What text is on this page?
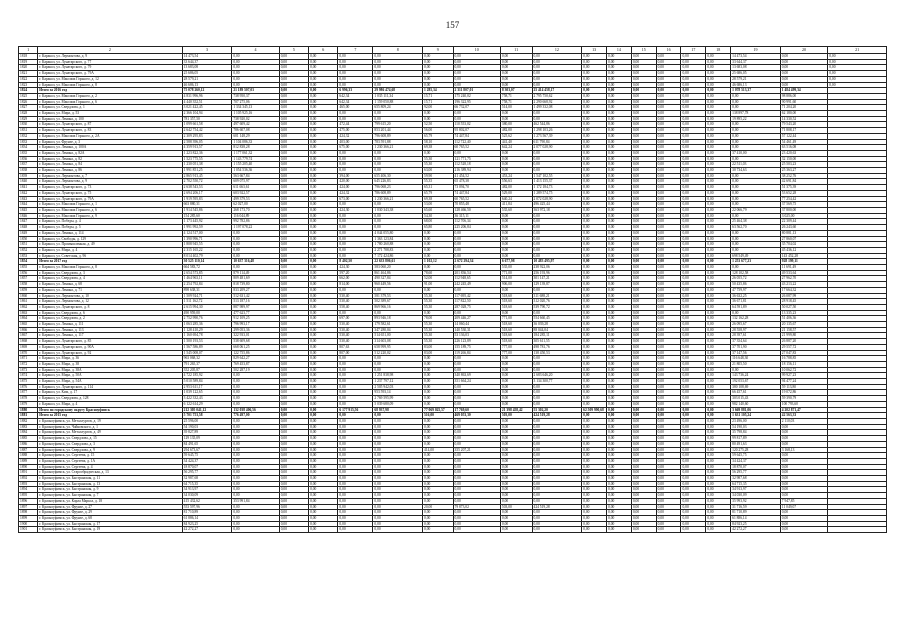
157
1	2	3	4	5	6	7	8	9	10	11	12	13	14	15	16	17	18	19	20	21
1818	г. Каракол, ул. Лермонтова, д. 9	14 473,54	0,00	0,00	0,00	0,00	0,00	0,00	0,00	0,00	0,00	0,00	0,00	0,00	0,00	0,00	0,00	14 473,54	0,00	0,00
1819	г. Каракол, ул. Лунатарского, д. 77	33 644,37	0,00	0,00	0,00	0,00	0,00	0,00	0,00	0,00	0,00	0,00	0,00	0,00	0,00	0,00	0,00	33 644,37	0,00	0,00
1820	г. Каракол, ул. Лунатарского, д. 79	13 683,08	0,00	0,00	0,00	0,00	0,00	0,00	0,00	0,00	0,00	0,00	0,00	0,00	0,00	0,00	0,00	13 683,08	0,00	0,00
1821	г. Каракол, ул. Лунатарского, д. 79А	25 686,05	0,00	0,00	0,00	0,00	0,00	0,00	0,00	0,00	0,00	0,00	0,00	0,00	0,00	0,00	0,00	25 686,05	0,00	0,00
1822	г. Каракол, ул. Максима Горького, д. 12	28 579,21	0,00	0,00	0,00	0,00	0,00	0,00	0,00	0,00	0,00	0,00	0,00	0,00	0,00	0,00	0,00	28 579,21	0,00	0,00
1823	г. Каракол, ул. Максима Горького, д. 8	46 686,13	0,00	0,00	0,00	0,00	0,00	0,00	0,00	0,00	0,00	0,00	0,00	0,00	0,00	0,00	0,00	46 686,13	0,00	0,00
1824	Итого за 2016 год	75 078 260,12	21 189 507,03	0,00	0,00	6 996,33	29 986 474,68	1 285,34	2 311 807,01	8 303,07	25 414 458,17	0,00	0,00	0,00	0,00	0,00	0,00	1 078 513,37	1 484 499,34	
1825	г. Каракол, ул. Максима Горького, д. 2	4 831 996,96	738 950,37	0,00	0,00	642,34	1 035 111,34	15,71	175 240,02	758,71	2 795 750,62	0,00	0,00	0,00	0,00	0,00	0,00	0,00	98 886,00	
1826	г. Каракол, ул. Максима Горького, д. 6	4 440 352,51	707 275,06	0,00	0,00	642,34	1 159 050,88	15,71	196 322,95	758,71	2 290 668,92	0,00	0,00	0,00	0,00	0,00	0,00	0,00	90 991,60	
1827	г. Каракол, ул. Свердлова, д. 1	3 021 422,45	1 334 345,13	0,00	0,00	465,00	655 809,24	92,00	66 732,07	514,00	1 499 332,08	0,00	0,00	0,00	0,00	0,00	0,00	0,00	71 204,20	
1828	г. Каракол, ул. Мира, д. 53	2 366 104,94	1 105 925,16	0,00	0,00	0,00	0,00	0,00	0,00	0,00	0,00	0,00	0,00	0,00	0,00	0,00	0,00	138 897,78	62 180,00	
1829	г. Каракол, ул. Ленина, д. 100	781 357,50	738 920,02	0,00	0,00	0,00	0,00	0,00	0,00	0,00	0,00	0,00	0,00	0,00	0,00	0,00	0,00	19 895,22	14 330,52	
1830	г. Каракол, ул. Лунатарского, д. 87	1 099 661,58	497 609,42	0,00	0,00	472,44	799 615,20	52,50	110 553,02	380,00	462 544,86	0,00	0,00	0,00	0,00	0,00	0,00	0,00	79 543,20	
1831	г. Каракол, ул. Лунатарского, д. 83	2 642 754,42	786 607,08	0,00	0,00	475,00	853 201,44	56,00	95 802,07	482,00	1 298 103,26	0,00	0,00	0,00	0,00	0,00	0,00	0,00	71 808,17	
1832	г. Каракол, ул. Максима Горького, д. 2А	2 309 295,83	601 148,29	0,00	0,00	424,32	796 608,89	65,79	74 447,84	525,62	1 273 567,39	0,00	0,00	0,00	0,00	0,00	0,00	0,00	57 122,44	
1833	г. Каракол, ул. Фрунзе, д. 3	2 588 396,05	1 104 086,33	0,00	0,00	403,00	783 591,88	58,10	112 722,40	441,40	611 790,84	0,00	0,00	0,00	0,00	0,00	0,00	0,00	54 461,49	
1834	г. Каракол, ул. Ленина, д. 100А	4 359 913,57	812 838,28	0,00	0,00	675,00	1 230 366,21	69,38	60 765,52	642,24	2 077 028,90	0,00	0,00	0,00	0,00	0,00	0,00	0,00	63 516,08	
1835	г. Каракол, ул. Ленина, д. 82А	1 223 822,36	1 177 061,32	0,00	0,00	0,00	0,00	0,00	0,00	0,00	0,00	0,00	0,00	0,00	0,00	0,00	0,00	37 410,00	23 420,63	
1836	г. Каракол, ул. Ленина, д. 82	1 523 775,55	1 143 779,74	0,00	0,00	0,00	0,00	55,30	121 771,75	0,00	0,00	0,00	0,00	0,00	0,00	0,00	0,00	0,00	32 150,00	
1837	г. Каракол, ул. Ленина, д. 84	1 230 051,38	1 155 205,40	0,00	0,00	0,00	0,00	55,30	112 528,18	0,00	0,00	0,00	0,00	0,00	0,00	0,00	0,00	22 511,03	25 503,23	
1838	г. Каракол, ул. Ленина, д. 86	1 991 851,25	1 054 536,36	0,00	0,00	0,00	0,00	63,00	216 389,94	0,00	0,00	0,00	0,00	0,00	0,00	0,00	0,00	30 734,63	25 363,27	
1839	г. Каракол, ул. Лермонтова, д. 7	2 865 913,45	563 667,84	0,00	0,00	394,00	655 406,30	59,90	41 454,52	453,24	1 547 102,55	0,00	0,00	0,00	0,00	0,00	0,00	0,00	38 252,76	
1840	г. Каракол, ул. Лермонтова, д. 9	2 702 550,72	609 075,97	0,00	0,00	420,00	645 226,83	55,35	65 478,38	556,63	1 413 155,37	0,00	0,00	0,00	0,00	0,00	0,00	0,00	42 691,84	
1841	г. Каракол, ул. Лунатарского, д. 73	2 638 543,53	611 663,61	0,00	0,00	424,00	796 068,23	65,31	73 094,70	482,00	1 172 184,73	0,00	0,00	0,00	0,00	0,00	0,00	0,00	51 375,39	
1842	г. Каракол, ул. Лунатарского, д. 75	2 694 206,17	603 922,57	0,00	0,00	424,32	786 608,89	65,79	74 447,84	529,00	1 289 574,75	0,00	0,00	0,00	0,00	0,00	0,00	0,00	53 652,28	
1843	г. Каракол, ул. Лунатарского, д. 79А	1 919 595,83	499 379,53	0,00	0,00	673,00	1 230 366,21	69,38	60 765,52	640,24	2 072 028,90	0,00	0,00	0,00	0,00	0,00	0,00	0,00	77 254,42	
1844	г. Каракол, ул. Максима Горького, д. 1	663 880,31	62 027,00	0,00	0,00	0,00	0,00	53,00	70 855,48	411,84	496 425,44	0,00	0,00	0,00	0,00	0,00	0,00	0,00	37 569,75	
1845	г. Каракол, ул. Максима Горького, д. 6	1 914 545,86	268 173,70	0,00	0,00	424,30	1 030 343,38	65,60	128 466,50	535,60	363 972,18	0,00	0,00	0,00	0,00	0,00	0,00	22 066,79	37 800,00	
1846	г. Каракол, ул. Максима Горького, д. 9	154 285,60	116 044,89	0,00	0,00	0,00	0,00	54,30	36 315,11	0,00	0,00	0,00	0,00	0,00	0,00	0,00	0,00	0,00	3 025,00	
1847	г. Каракол, ул. Победы, д. 4	1 173 445,92	992 782,86	0,00	0,00	0,00	0,00	68,00	112 706,34	0,00	0,00	0,00	0,00	0,00	0,00	0,00	0,00	25 464,38	22 309,44	
1848	г. Каракол, ул. Победы, д. 5	1 991 992,59	1 197 078,22	0,00	0,00	0,00	0,00	65,80	225 206,84	0,00	0,00	0,00	0,00	0,00	0,00	0,00	0,00	63 562,70	26 243,60	
1849	г. Каракол, ул. Ленина, д. 114	4 124 517,00	0,00	0,00	0,00	0,00	4 044 055,80	0,00	0,00	0,00	0,00	0,00	0,00	0,00	0,00	0,00	0,00	0,00	80 881,13	
1850	г. Каракол, ул. Свободы, д. 129	1 390 996,71	0,00	0,00	0,00	0,00	1 363 123,84	0,00	0,00	0,00	0,00	0,00	0,00	0,00	0,00	0,00	0,00	0,00	27 860,07	
1851	г. Каракол, ул. Промышленная, д. 49	1 808 945,55	0,00	0,00	0,00	0,00	1 780 260,88	0,00	0,00	0,00	0,00	0,00	0,00	0,00	0,00	0,00	0,00	0,00	35 704,02	
1852	г. Каракол, ул. Мира, д. 4	2 315 165,22	0,00	0,00	0,00	0,00	2 271 788,83	0,00	0,00	0,00	0,00	0,00	0,00	0,00	0,00	0,00	0,00	0,00	45 436,12	
1853	г. Каракол, ул. Советская, д. 96	8 014 402,79	0,00	0,00	0,00	0,00	7 172 424,86	0,00	0,00	0,00	0,00	0,00	0,00	0,00	0,00	0,00	0,00	698 549,49	143 452,28	
1854	Итого за 2017 год	30 525 110,14	10 637 316,48	0,00	0,00	8 402,50	22 633 806,61	1 102,12	2 672 294,34	6 677,98	10 483 495,97	0,00	0,00	0,00	0,00	0,00	0,00	1 253 677,23	928 199,11	
1855	г. Каракол, ул. Максима Горького, д. 8	664 583,72	0,00	0,00	0,00	424,30	583 060,20	0,00	0,00	535,00	238 922,06	0,00	0,00	0,00	0,00	0,00	0,00	0,00	11 691,49	
1856	г. Каракол, ул. Свердлова, д. 3	2 654 573,85	879 114,49	0,00	0,00	597,20	861 464,86	78,60	201 836,54	771,00	256 193,96	0,00	0,00	0,00	0,00	0,00	0,00	128 102,58	49 533,64	
1857	г. Каракол, ул. Свердлова, д. 4	1 464 963,11	809 481,69	0,00	0,00	662,00	490 327,84	52,00	112 948,65	514,00	301 147,21	0,00	0,00	0,00	0,00	0,00	0,00	26 055,72	27 962,70	
1858	г. Каракол, ул. Ленина, д. 68	2 254 792,84	818 739,80	0,00	0,00	814,00	960 449,56	91,00	242 245,49	906,00	129 139,87	0,00	0,00	0,00	0,00	0,00	0,00	50 435,86	43 213,22	
1859	г. Каракол, ул. Ленина, д. 71	898 638,31	833 209,27	0,00	0,00	0,00	0,00	0,00	0,00	0,00	0,00	0,00	0,00	0,00	0,00	0,00	0,00	47 759,97	17 664,32	
1860	г. Каракол, ул. Лермонтова, д. 10	1 509 924,71	512 631,42	0,00	0,00	530,40	581 379,53	55,30	117 695,42	518,60	311 688,21	0,00	0,00	0,00	0,00	0,00	0,00	36 632,25	26 087,99	
1861	г. Каракол, ул. Лермонтова, д. 12	1 511 162,72	513 187,16	0,00	0,00	530,40	502 389,67	55,30	117 822,50	518,60	312 020,76	0,00	0,00	0,00	0,00	0,00	0,00	36 671,81	28 918,45	
1862	г. Каракол, ул. Лунатарского, д. 8	2 615 994,30	887 989,97	0,00	0,00	558,40	869 966,16	55,30	287 028,75	518,60	539 790,72	0,00	0,00	0,00	0,00	0,00	0,00	64 591,89	50 027,50	
1863	г. Каракол, ул. Свердлова, д. 6	490 959,00	477 623,77	0,00	0,00	0,00	0,00	0,00	0,00	0,00	0,00	0,00	0,00	0,00	0,00	0,00	0,00	0,00	13 335,23	
1864	г. Каракол, ул. Свердлова, д. 2	2 752 990,76	912 109,25	0,00	0,00	697,00	893 946,18	78,00	209 446,27	771,00	554 660,45	0,00	0,00	0,00	0,00	0,00	0,00	132 162,28	51 406,36	
1865	г. Каракол, ул. Ленина, д. 111	1 063 285,36	796 993,17	0,00	0,00	530,40	179 582,61	55,30	14 060,44	518,60	36 039,28	0,00	0,00	0,00	0,00	0,00	0,00	26 095,67	20 135,67	
1866	г. Каракол, ул. Ленина, д. 113	1 128 410,29	299 053,36	0,00	0,00	530,40	347 280,04	55,30	140 530,31	518,60	88 044,04	0,00	0,00	0,00	0,00	0,00	0,00	28 558,97	21 158,57	
1867	г. Каракол, ул. Ленина, д. 117	1 160 694,78	322 933,01	0,00	0,00	530,40	514 651,00	55,30	53 136,03	518,60	184 285,11	0,00	0,00	0,00	0,00	0,00	0,00	28 397,61	21 999,80	
1868	г. Каракол, ул. Лунатарского, д. 85	1 500 193,53	538 609,68	0,00	0,00	530,40	314 603,08	55,30	226 123,89	518,60	305 611,55	0,00	0,00	0,00	0,00	0,00	0,00	37 354,64	26 887,20	
1869	г. Каракол, ул. Лунатарского, д. 90А	1 567 586,89	668 061,25	0,00	0,00	807,63	658 999,95	83,00	155 189,75	777,00	498 781,76	0,00	0,00	0,00	0,00	0,00	0,00	37 701,90	29 557,72	
1870	г. Каракол, ул. Лунатарского, д. 92	1 545 008,07	122 755,86	0,00	0,00	807,00	512 220,02	83,00	119 266,84	777,00	138 450,53	0,00	0,00	0,00	0,00	0,00	0,00	37 147,56	27 047,83	
1871	г. Каракол, ул. Мира, д. 36	963 068,32	829 642,27	0,00	0,00	0,00	0,00	0,00	0,00	0,00	0,00	0,00	0,00	0,00	0,00	0,00	0,00	116 648,30	16 788,85	
1872	г. Каракол, ул. Мира, д. 38	791 265,37	769 453,87	0,00	0,00	0,00	0,00	0,00	0,00	0,00	0,00	0,00	0,00	0,00	0,00	0,00	0,00	21 805,50	18 156,11	
1873	г. Каракол, ул. Мира, д. 38А	352 205,87	502 287,19	0,00	0,00	0,00	0,00	0,00	0,00	0,00	0,00	0,00	0,00	0,00	0,00	0,00	0,00	0,00	10 062,72	
1874	г. Каракол, ул. Мира, д. 50А	4 722 185,92	0,00	0,00	0,00	0,00	1 251 838,98	0,00	340 863,69	0,00	2 683 646,20	0,00	0,00	0,00	0,00	0,00	0,00	143 736,24	99 927,23	
1875	г. Каракол, ул. Мира, д. 54А	5 010 589,84	0,00	0,00	0,00	0,00	1 237 797,12	0,00	351 664,24	0,00	3 134 300,77	0,00	0,00	0,00	0,00	0,00	0,00	192 053,67	94 477,24	
1876	г. Каракол, ул. Лунатарского, д. 114	2 953 611,17	0,00	0,00	0,00	0,00	2 505 942,03	0,00	0,00	0,00	0,00	0,00	0,00	0,00	0,00	0,00	0,00	380 108,69	59 113,80	
1877	г. Каракол, ул. Ким, д. 17	1 039 122,65	0,00	0,00	0,00	0,00	953 593,14	0,00	0,00	0,00	0,00	0,00	0,00	0,00	0,00	0,00	0,00	66 457,61	19 072,86	
1878	г. Каракол, ул. Свердлова, д. 128	3 422 332,43	0,00	0,00	0,00	0,00	2 769 595,99	0,00	0,00	0,00	0,00	0,00	0,00	0,00	0,00	0,00	0,00	303 015,43	59 390,79	
1879	г. Каракол, ул. Мира, д. 4	6 122 614,29	0,00	0,00	0,00	0,00	5 039 680,09	0,00	0,00	0,00	0,00	0,00	0,00	0,00	0,00	0,00	0,00	982 140,60	100 793,60	
1880	Итого по городскому округу Красноуфимск	212 305 041,12	132 038 406,56	0,00	0,00	6 177 915,56	68 937,98	77 069 025,57	17 769,60	21 398 458,42	55 302,20	62 509 990,68	0,00	0,00	0,00	0,00	0,00	3 669 881,06	4 202 871,47	
1881	Итого за 2015 год	5 701 753,58	776 497,00	0,00	0,00	0,00	0,00	516,00	469 053,30	503,00	424 519,28	0,00	0,00	0,00	0,00	0,00	0,00	1 631 105,24	42 563,33	
1882	г. Красноуфимск, ул. Металлургов, д. 19	25 596,00	0,00	0,00	0,00	0,00	0,00	0,00	0,00	0,00	0,00	0,00	0,00	0,00	0,00	0,00	0,00	23 496,00	2 110,03	
1883	г. Красноуфимск, ул. Чайковского, д. 1	54 190,03	0,00	0,00	0,00	0,00	0,00	0,00	0,00	0,00	0,00	0,00	0,00	0,00	0,00	0,00	0,00	54 190,03	0,00	
1884	г. Красноуфимск, ул. Металлургов, д. 49	39 827,89	0,00	0,00	0,00	0,00	0,00	0,00	0,00	0,00	0,00	0,00	0,00	0,00	0,00	0,00	0,00	35 798,84	0,00	
1885	г. Красноуфимск, ул. Свердлова, д. 15	129 135,09	0,00	0,00	0,00	0,00	0,00	0,00	0,00	0,00	0,00	0,00	0,00	0,00	0,00	0,00	0,00	99 817,89	0,00	
1886	г. Красноуфимск, ул. Свердлова, д. 3	84 491,65	0,00	0,00	0,00	0,00	0,00	0,00	0,00	0,00	0,00	0,00	0,00	0,00	0,00	0,00	0,00	80 491,63	0,00	
1887	г. Красноуфимск, ул. Свердлова, д. 9	294 673,67	0,00	0,00	0,00	0,00	0,00	414,00	355 207,21	0,00	0,00	0,00	0,00	0,00	0,00	0,00	0,00	120 275,28	3 168,13	
1888	г. Красноуфимск, ул. Сергеева, д. 15	59 645,75	0,00	0,00	0,00	0,00	0,00	0,00	0,00	0,00	0,00	0,00	0,00	0,00	0,00	0,00	0,00	59 645,75	0,00	
1889	г. Красноуфимск, ул. Сергеева, д. 1А	34 424,37	0,00	0,00	0,00	0,00	0,00	0,00	0,00	0,00	0,00	0,00	0,00	0,00	0,00	0,00	0,00	34 424,37	0,00	
1890	г. Красноуфимск, ул. Сергеева, д. 4	18 870,07	0,00	0,00	0,00	0,00	0,00	0,00	0,00	0,00	0,00	0,00	0,00	0,00	0,00	0,00	0,00	18 870,07	0,00	
1891	г. Красноуфимск, ул. Старообрядческая, д. 13	56 295,77	0,00	0,00	0,00	0,00	0,00	0,00	0,00	0,00	0,00	0,00	0,00	0,00	0,00	0,00	0,00	56 295,77	0,00	
1892	г. Красноуфимск, ул. Быстрянская, д. 11	32 987,68	0,00	0,00	0,00	0,00	0,00	0,00	0,00	0,00	0,00	0,00	0,00	0,00	0,00	0,00	0,00	32 987,68	0,00	
1893	г. Красноуфимск, ул. Быстрянская, д. 13	64 715,35	0,00	0,00	0,00	0,00	0,00	0,00	0,00	0,00	0,00	0,00	0,00	0,00	0,00	0,00	0,00	64 715,35	0,00	
1894	г. Красноуфимск, ул. Быстрянская, д. 9	34 913,97	0,00	0,00	0,00	0,00	0,00	0,00	0,00	0,00	0,00	0,00	0,00	0,00	0,00	0,00	0,00	34 913,97	0,00	
1895	г. Красноуфимск, ул. Быстрянская, д. 7	34 030,09	0,00	0,00	0,00	0,00	0,00	0,00	0,00	0,00	0,00	0,00	0,00	0,00	0,00	0,00	0,00	34 030,09	0,00	
1896	г. Красноуфимск, ул. Карла Маркса, д. 18	415 432,62	353 991,84	0,00	0,00	0,00	0,00	0,00	0,00	0,00	0,00	0,00	0,00	0,00	0,00	0,00	0,00	35 993,92	7 947,85	
1897	г. Красноуфимск, ул. Фрунзе, д. 27	553 597,96	0,00	0,00	0,00	0,00	0,00	20,00	79 873,02	503,00	424 519,28	0,00	0,00	0,00	0,00	0,00	0,00	31 716,59	11 049,07	
1898	г. Красноуфимск, ул. Фрунзе, д. 29	81 710,89	0,00	0,00	0,00	0,00	0,00	0,00	0,00	0,00	0,00	0,00	0,00	0,00	0,00	0,00	0,00	81 710,89	0,00	
1899	г. Красноуфимск, ул. Фрунзе, д. 68	61 886,14	0,00	0,00	0,00	0,00	0,00	0,00	0,00	0,00	0,00	0,00	0,00	0,00	0,00	0,00	0,00	61 886,14	0,00	
1900	г. Красноуфимск, ул. Быстрянская, д. 17	84 923,25	0,00	0,00	0,00	0,00	0,00	0,00	0,00	0,00	0,00	0,00	0,00	0,00	0,00	0,00	0,00	84 923,25	0,00	
1901	г. Красноуфимск, ул. Быстрянская, д. 19	42 272,27	0,00	0,00	0,00	0,00	0,00	0,00	0,00	0,00	0,00	0,00	0,00	0,00	0,00	0,00	0,00	42 272,27	0,00	
